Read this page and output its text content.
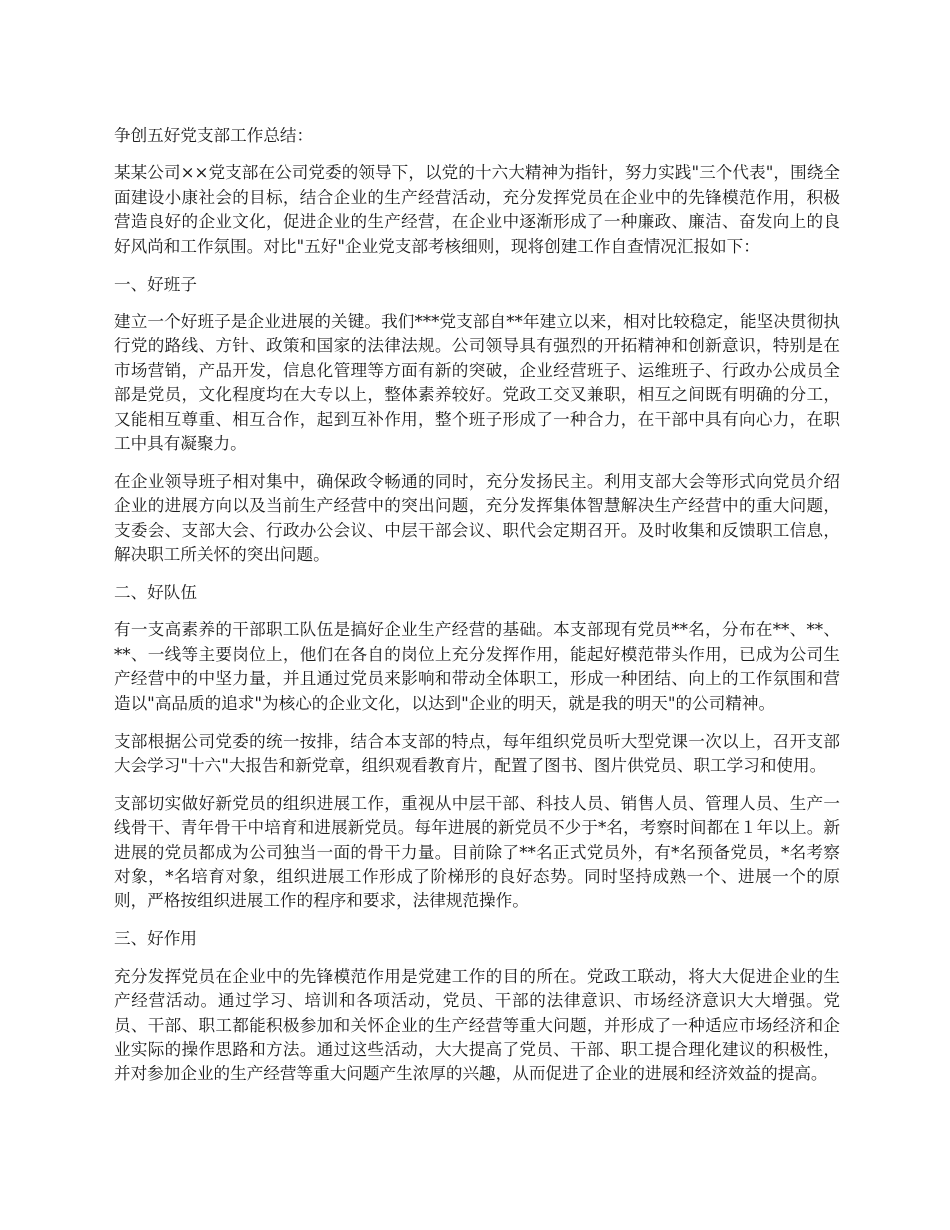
争创五好党支部工作总结：

某某公司××党支部在公司党委的领导下，以党的十六大精神为指针，努力实践"三个代表"，围绕全面建设小康社会的目标，结合企业的生产经营活动，充分发挥党员在企业中的先锋模范作用，积极营造良好的企业文化，促进企业的生产经营，在企业中逐渐形成了一种廉政、廉洁、奋发向上的良好风尚和工作氛围。对比"五好"企业党支部考核细则，现将创建工作自查情况汇报如下：

一、好班子

建立一个好班子是企业进展的关键。我们***党支部自**年建立以来，相对比较稳定，能坚决贯彻执行党的路线、方针、政策和国家的法律法规。公司领导具有强烈的开拓精神和创新意识，特别是在市场营销，产品开发，信息化管理等方面有新的突破，企业经营班子、运维班子、行政办公成员全部是党员，文化程度均在大专以上，整体素养较好。党政工交叉兼职，相互之间既有明确的分工，又能相互尊重、相互合作，起到互补作用，整个班子形成了一种合力，在干部中具有向心力，在职工中具有凝聚力。

在企业领导班子相对集中，确保政令畅通的同时，充分发扬民主。利用支部大会等形式向党员介绍企业的进展方向以及当前生产经营中的突出问题，充分发挥集体智慧解决生产经营中的重大问题，支委会、支部大会、行政办公会议、中层干部会议、职代会定期召开。及时收集和反馈职工信息，解决职工所关怀的突出问题。

二、好队伍

有一支高素养的干部职工队伍是搞好企业生产经营的基础。本支部现有党员**名，分布在**、**、**、一线等主要岗位上，他们在各自的岗位上充分发挥作用，能起好模范带头作用，已成为公司生产经营中的中坚力量，并且通过党员来影响和带动全体职工，形成一种团结、向上的工作氛围和营造以"高品质的追求"为核心的企业文化，以达到"企业的明天，就是我的明天"的公司精神。

支部根据公司党委的统一按排，结合本支部的特点，每年组织党员听大型党课一次以上，召开支部大会学习"十六"大报告和新党章，组织观看教育片，配置了图书、图片供党员、职工学习和使用。

支部切实做好新党员的组织进展工作，重视从中层干部、科技人员、销售人员、管理人员、生产一线骨干、青年骨干中培育和进展新党员。每年进展的新党员不少于*名，考察时间都在１年以上。新进展的党员都成为公司独当一面的骨干力量。目前除了**名正式党员外，有*名预备党员，*名考察对象，*名培育对象，组织进展工作形成了阶梯形的良好态势。同时坚持成熟一个、进展一个的原则，严格按组织进展工作的程序和要求，法律规范操作。

三、好作用

充分发挥党员在企业中的先锋模范作用是党建工作的目的所在。党政工联动，将大大促进企业的生产经营活动。通过学习、培训和各项活动，党员、干部的法律意识、市场经济意识大大增强。党员、干部、职工都能积极参加和关怀企业的生产经营等重大问题，并形成了一种适应市场经济和企业实际的操作思路和方法。通过这些活动，大大提高了党员、干部、职工提合理化建议的积极性，并对参加企业的生产经营等重大问题产生浓厚的兴趣，从而促进了企业的进展和经济效益的提高。
